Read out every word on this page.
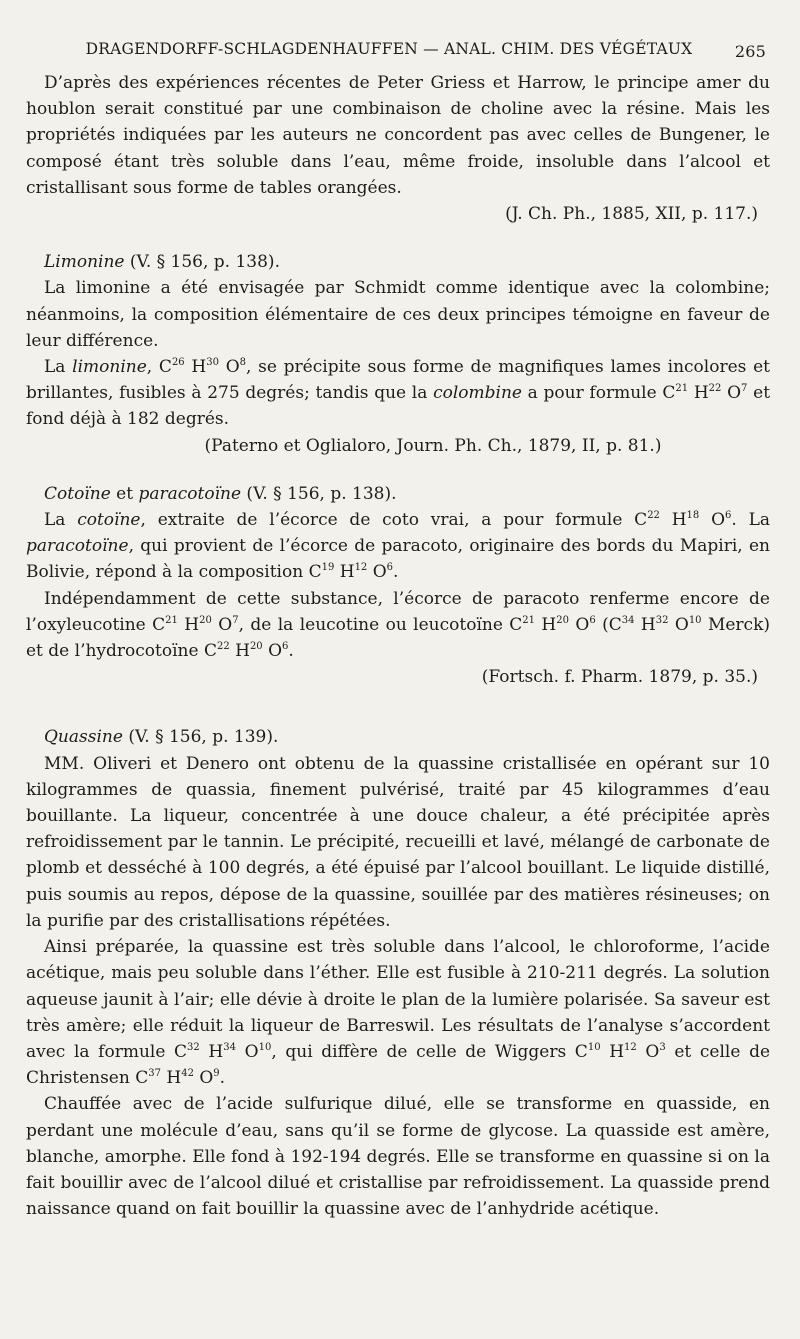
DRAGENDORFF-SCHLAGDENHAUFFEN — ANAL. CHIM. DES VÉGÉTAUX	265

D’après des expériences récentes de Peter Griess et Harrow, le principe amer du houblon serait constitué par une combinaison de choline avec la résine. Mais les propriétés indiquées par les auteurs ne concordent pas avec celles de Bungener, le composé étant très soluble dans l’eau, même froide, insoluble dans l’alcool et cristallisant sous forme de tables orangées.

(J. Ch. Ph., 1885, XII, p. 117.)
Limonine (V. § 156, p. 138).

La limonine a été envisagée par Schmidt comme identique avec la colombine; néanmoins, la composition élémentaire de ces deux principes témoigne en faveur de leur différence.

La limonine, $C^{26}$ $H^{30}$ $O^8$, se précipite sous forme de magnifiques lames incolores et brillantes, fusibles à 275 degrés; tandis que la colombine a pour formule $C^{21}$ $H^{22}$ $O^7$ et fond déjà à 182 degrés.

(Paterno et Oglialoro, Journ. Ph. Ch., 1879, II, p. 81.)
Cotoïne et paracotoïne (V. § 156, p. 138).

La cotoïne, extraite de l’écorce de coto vrai, a pour formule $C^{22}$ $H^{18}$ $O^6$. La paracotoïne, qui provient de l’écorce de paracoto, originaire des bords du Mapiri, en Bolivie, répond à la composition $C^{19}$ $H^{12}$ $O^6$.

Indépendamment de cette substance, l’écorce de paracoto renferme encore de l’oxyleucotine $C^{21}$ $H^{20}$ $O^7$, de la leucotine ou leucotoïne $C^{21}$ $H^{20}$ $O^6$ ($C^{34}$ $H^{32}$ $O^{10}$ Merck) et de l’hydrocotoïne $C^{22}$ $H^{20}$ $O^6$.

(Fortsch. f. Pharm. 1879, p. 35.)
Quassine (V. § 156, p. 139).

MM. Oliveri et Denero ont obtenu de la quassine cristallisée en opérant sur 10 kilogrammes de quassia, finement pulvérisé, traité par 45 kilogrammes d’eau bouillante. La liqueur, concentrée à une douce chaleur, a été précipitée après refroidissement par le tannin. Le précipité, recueilli et lavé, mélangé de carbonate de plomb et desséché à 100 degrés, a été épuisé par l’alcool bouillant. Le liquide distillé, puis soumis au repos, dépose de la quassine, souillée par des matières résineuses; on la purifie par des cristallisations répétées.

Ainsi préparée, la quassine est très soluble dans l’alcool, le chloroforme, l’acide acétique, mais peu soluble dans l’éther. Elle est fusible à 210-211 degrés. La solution aqueuse jaunit à l’air; elle dévie à droite le plan de la lumière polarisée. Sa saveur est très amère; elle réduit la liqueur de Barreswil. Les résultats de l’analyse s’accordent avec la formule $C^{32}$ $H^{34}$ $O^{10}$, qui diffère de celle de Wiggers $C^{10}$ $H^{12}$ $O^3$ et celle de Christensen $C^{37}$ $H^{42}$ $O^9$.

Chauffée avec de l’acide sulfurique dilué, elle se transforme en quasside, en perdant une molécule d’eau, sans qu’il se forme de glycose. La quasside est amère, blanche, amorphe. Elle fond à 192-194 degrés. Elle se transforme en quassine si on la fait bouillir avec de l’alcool dilué et cristallise par refroidissement. La quasside prend naissance quand on fait bouillir la quassine avec de l’anhydride acétique.
